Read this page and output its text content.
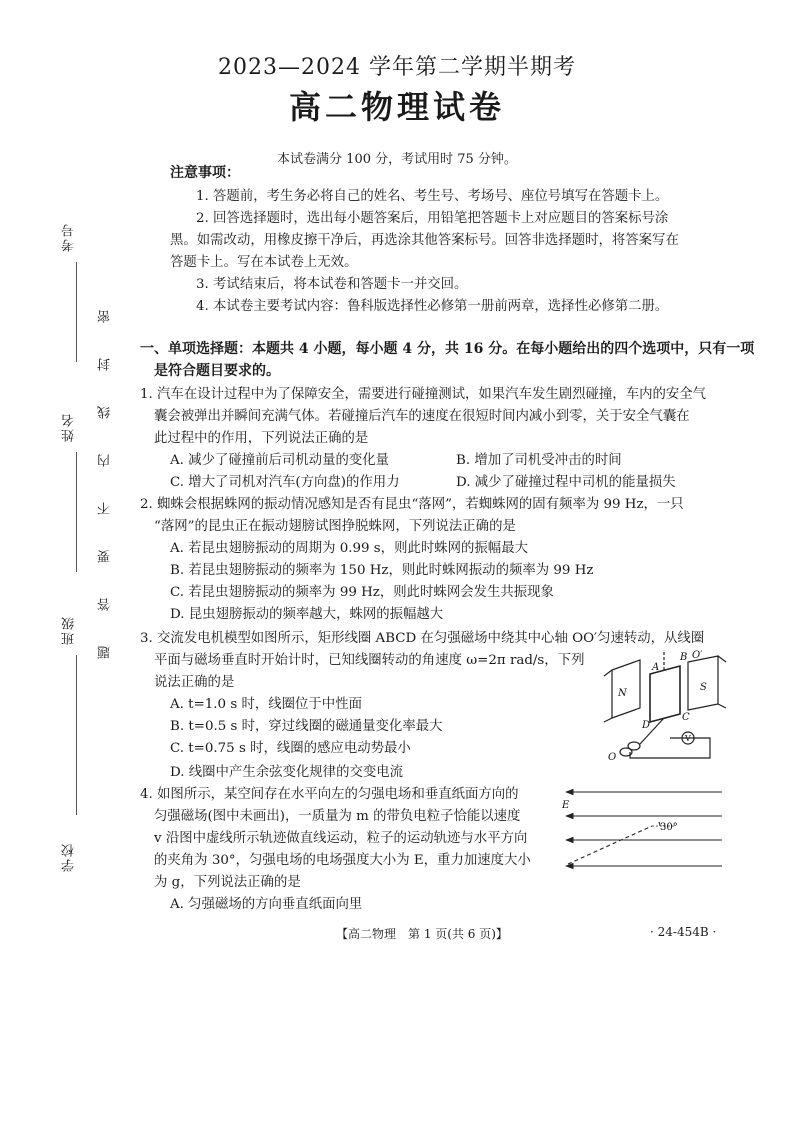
考号
姓名
班级
学校
密
封
线
内
不
要
答
题
2023—2024 学年第二学期半期考
高二物理试卷
本试卷满分 100 分，考试用时 75 分钟。
注意事项：
1. 答题前，考生务必将自己的姓名、考生号、考场号、座位号填写在答题卡上。
2. 回答选择题时，选出每小题答案后，用铅笔把答题卡上对应题目的答案标号涂
黑。如需改动，用橡皮擦干净后，再选涂其他答案标号。回答非选择题时，将答案写在
答题卡上。写在本试卷上无效。
3. 考试结束后，将本试卷和答题卡一并交回。
4. 本试卷主要考试内容：鲁科版选择性必修第一册前两章，选择性必修第二册。
一、单项选择题：本题共 4 小题，每小题 4 分，共 16 分。在每小题给出的四个选项中，只有一项
是符合题目要求的。
1. 汽车在设计过程中为了保障安全，需要进行碰撞测试，如果汽车发生剧烈碰撞，车内的安全气
囊会被弹出并瞬间充满气体。若碰撞后汽车的速度在很短时间内减小到零，关于安全气囊在
此过程中的作用，下列说法正确的是
A. 减少了碰撞前后司机动量的变化量	B. 增加了司机受冲击的时间
C. 增大了司机对汽车(方向盘)的作用力	D. 减少了碰撞过程中司机的能量损失
2. 蜘蛛会根据蛛网的振动情况感知是否有昆虫“落网”，若蜘蛛网的固有频率为 99 Hz，一只
“落网”的昆虫正在振动翅膀试图挣脱蛛网，下列说法正确的是
A. 若昆虫翅膀振动的周期为 0.99 s，则此时蛛网的振幅最大
B. 若昆虫翅膀振动的频率为 150 Hz，则此时蛛网振动的频率为 99 Hz
C. 若昆虫翅膀振动的频率为 99 Hz，则此时蛛网会发生共振现象
D. 昆虫翅膀振动的频率越大，蛛网的振幅越大
3. 交流发电机模型如图所示，矩形线圈 ABCD 在匀强磁场中绕其中心轴 OO′匀速转动，从线圈
平面与磁场垂直时开始计时，已知线圈转动的角速度 ω=2π rad/s，下列
说法正确的是
A. t=1.0 s 时，线圈位于中性面
B. t=0.5 s 时，穿过线圈的磁通量变化率最大
C. t=0.75 s 时，线圈的感应电动势最小
D. 线圈中产生余弦变化规律的交变电流
N
S
A
B
C
D
O′
O
V
4. 如图所示，某空间存在水平向左的匀强电场和垂直纸面方向的
匀强磁场(图中未画出)，一质量为 m 的带负电粒子恰能以速度
v 沿图中虚线所示轨迹做直线运动，粒子的运动轨迹与水平方向
的夹角为 30°，匀强电场的电场强度大小为 E，重力加速度大小
为 g，下列说法正确的是
A. 匀强磁场的方向垂直纸面向里
E
30°
【高二物理　第 1 页(共 6 页)】	· 24-454B ·
